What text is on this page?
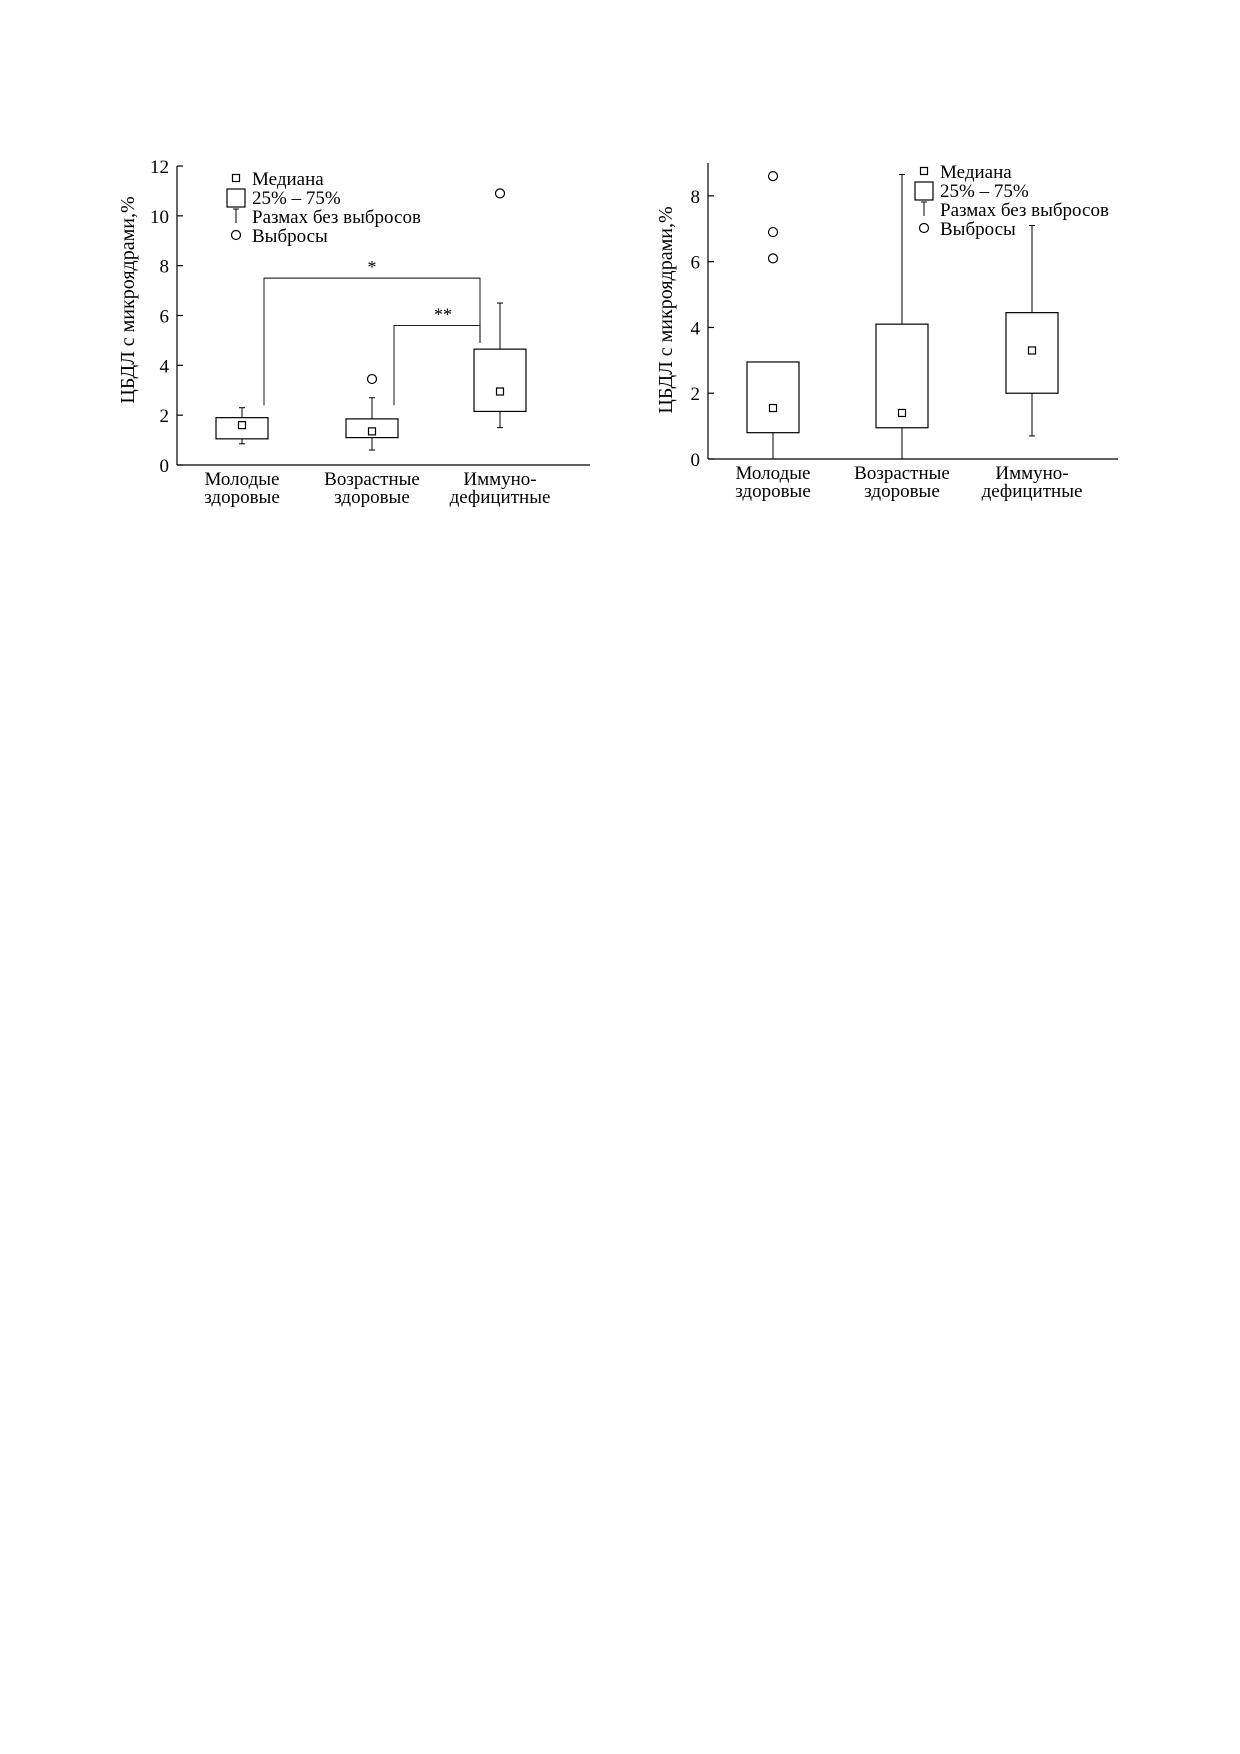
0
2
4
6
8
10
12
ЦБДЛ с микроядрами,%
Молодые
здоровые
Возрастные
здоровые
Иммуно-
дефицитные
*
**
Медиана
25% – 75%
Размах без выбросов
Выбросы
0
2
4
6
8
ЦБДЛ с микроядрами,%
Молодые
здоровые
Возрастные
здоровые
Иммуно-
дефицитные
Медиана
25% – 75%
Размах без выбросов
Выбросы
